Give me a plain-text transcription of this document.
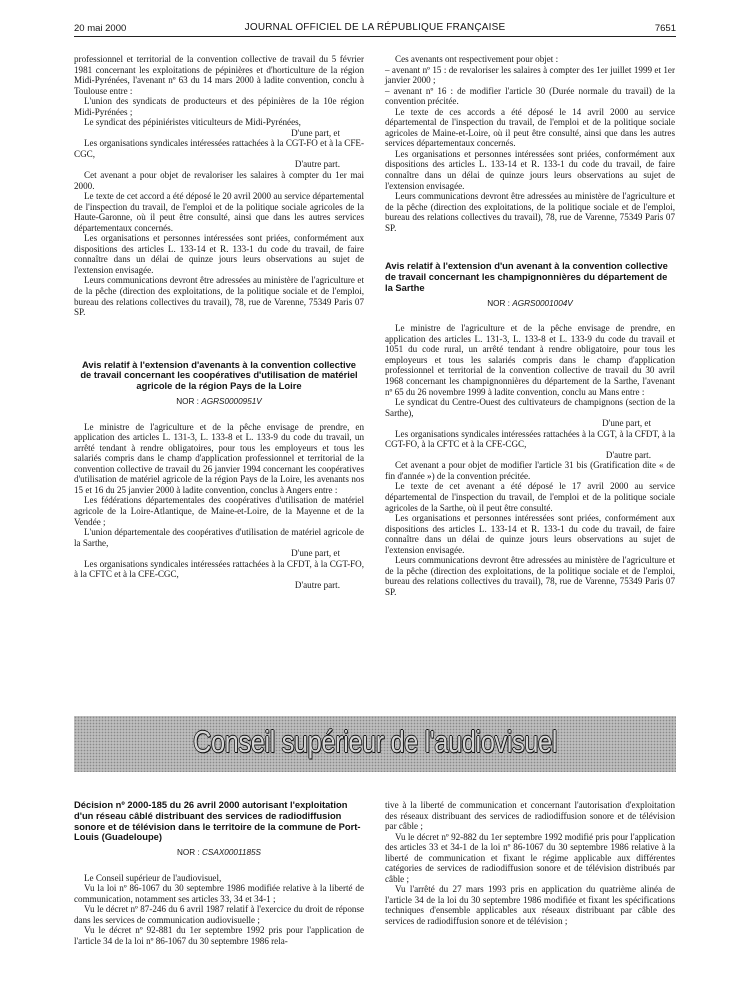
20 mai 2000	JOURNAL OFFICIEL DE LA RÉPUBLIQUE FRANÇAISE	7651

professionnel et territorial de la convention collective de travail du 5 février 1981 concernant les exploitations de pépinières et d'horticulture de la région Midi-Pyrénées, l'avenant nº 63 du 14 mars 2000 à ladite convention, conclu à Toulouse entre :

L'union des syndicats de producteurs et des pépinières de la 10e région Midi-Pyrénées ;

Le syndicat des pépiniéristes viticulteurs de Midi-Pyrénées,

D'une part, et

Les organisations syndicales intéressées rattachées à la CGT-FO et à la CFE-CGC,

D'autre part.

Cet avenant a pour objet de revaloriser les salaires à compter du 1er mai 2000.

Le texte de cet accord a été déposé le 20 avril 2000 au service départemental de l'inspection du travail, de l'emploi et de la politique sociale agricoles de la Haute-Garonne, où il peut être consulté, ainsi que dans les autres services départementaux concernés.

Les organisations et personnes intéressées sont priées, conformément aux dispositions des articles L. 133-14 et R. 133-1 du code du travail, de faire connaître dans un délai de quinze jours leurs observations au sujet de l'extension envisagée.

Leurs communications devront être adressées au ministère de l'agriculture et de la pêche (direction des exploitations, de la politique sociale et de l'emploi, bureau des relations collectives du travail), 78, rue de Varenne, 75349 Paris 07 SP.

Avis relatif à l'extension d'avenants à la convention collective de travail concernant les coopératives d'utilisation de matériel agricole de la région Pays de la Loire
NOR : AGRS0000951V

Le ministre de l'agriculture et de la pêche envisage de prendre, en application des articles L. 131-3, L. 133-8 et L. 133-9 du code du travail, un arrêté tendant à rendre obligatoires, pour tous les employeurs et tous les salariés compris dans le champ d'application professionnel et territorial de la convention collective de travail du 26 janvier 1994 concernant les coopératives d'utilisation de matériel agricole de la région Pays de la Loire, les avenants nos 15 et 16 du 25 janvier 2000 à ladite convention, conclus à Angers entre :

Les fédérations départementales des coopératives d'utilisation de matériel agricole de la Loire-Atlantique, de Maine-et-Loire, de la Mayenne et de la Vendée ;

L'union départementale des coopératives d'utilisation de matériel agricole de la Sarthe,

D'une part, et

Les organisations syndicales intéressées rattachées à la CFDT, à la CGT-FO, à la CFTC et à la CFE-CGC,

D'autre part.

Ces avenants ont respectivement pour objet :

– avenant nº 15 : de revaloriser les salaires à compter des 1er juillet 1999 et 1er janvier 2000 ;

– avenant nº 16 : de modifier l'article 30 (Durée normale du travail) de la convention précitée.

Le texte de ces accords a été déposé le 14 avril 2000 au service départemental de l'inspection du travail, de l'emploi et de la politique sociale agricoles de Maine-et-Loire, où il peut être consulté, ainsi que dans les autres services départementaux concernés.

Les organisations et personnes intéressées sont priées, conformément aux dispositions des articles L. 133-14 et R. 133-1 du code du travail, de faire connaître dans un délai de quinze jours leurs observations au sujet de l'extension envisagée.

Leurs communications devront être adressées au ministère de l'agriculture et de la pêche (direction des exploitations, de la politique sociale et de l'emploi, bureau des relations collectives du travail), 78, rue de Varenne, 75349 Paris 07 SP.

Avis relatif à l'extension d'un avenant à la convention collective de travail concernant les champignonnières du département de la Sarthe
NOR : AGRS0001004V

Le ministre de l'agriculture et de la pêche envisage de prendre, en application des articles L. 131-3, L. 133-8 et L. 133-9 du code du travail et 1051 du code rural, un arrêté tendant à rendre obligatoire, pour tous les employeurs et tous les salariés compris dans le champ d'application professionnel et territorial de la convention collective de travail du 30 avril 1968 concernant les champignonnières du département de la Sarthe, l'avenant nº 65 du 26 novembre 1999 à ladite convention, conclu au Mans entre :

Le syndicat du Centre-Ouest des cultivateurs de champignons (section de la Sarthe),

D'une part, et

Les organisations syndicales intéressées rattachées à la CGT, à la CFDT, à la CGT-FO, à la CFTC et à la CFE-CGC,

D'autre part.

Cet avenant a pour objet de modifier l'article 31 bis (Gratification dite « de fin d'année ») de la convention précitée.

Le texte de cet avenant a été déposé le 17 avril 2000 au service départemental de l'inspection du travail, de l'emploi et de la politique sociale agricoles de la Sarthe, où il peut être consulté.

Les organisations et personnes intéressées sont priées, conformément aux dispositions des articles L. 133-14 et R. 133-1 du code du travail, de faire connaître dans un délai de quinze jours leurs observations au sujet de l'extension envisagée.

Leurs communications devront être adressées au ministère de l'agriculture et de la pêche (direction des exploitations, de la politique sociale et de l'emploi, bureau des relations collectives du travail), 78, rue de Varenne, 75349 Paris 07 SP.

Conseil supérieur de l'audiovisuel
Décision nº 2000-185 du 26 avril 2000 autorisant l'exploitation d'un réseau câblé distribuant des services de radiodiffusion sonore et de télévision dans le territoire de la commune de Port-Louis (Guadeloupe)
NOR : CSAX0001185S

Le Conseil supérieur de l'audiovisuel,

Vu la loi nº 86-1067 du 30 septembre 1986 modifiée relative à la liberté de communication, notamment ses articles 33, 34 et 34-1 ;

Vu le décret nº 87-246 du 6 avril 1987 relatif à l'exercice du droit de réponse dans les services de communication audiovisuelle ;

Vu le décret nº 92-881 du 1er septembre 1992 pris pour l'application de l'article 34 de la loi nº 86-1067 du 30 septembre 1986 rela-

tive à la liberté de communication et concernant l'autorisation d'exploitation des réseaux distribuant des services de radiodiffusion sonore et de télévision par câble ;

Vu le décret nº 92-882 du 1er septembre 1992 modifié pris pour l'application des articles 33 et 34-1 de la loi nº 86-1067 du 30 septembre 1986 relative à la liberté de communication et fixant le régime applicable aux différentes catégories de services de radiodiffusion sonore et de télévision distribués par câble ;

Vu l'arrêté du 27 mars 1993 pris en application du quatrième alinéa de l'article 34 de la loi du 30 septembre 1986 modifiée et fixant les spécifications techniques d'ensemble applicables aux réseaux distribuant par câble des services de radiodiffusion sonore et de télévision ;
